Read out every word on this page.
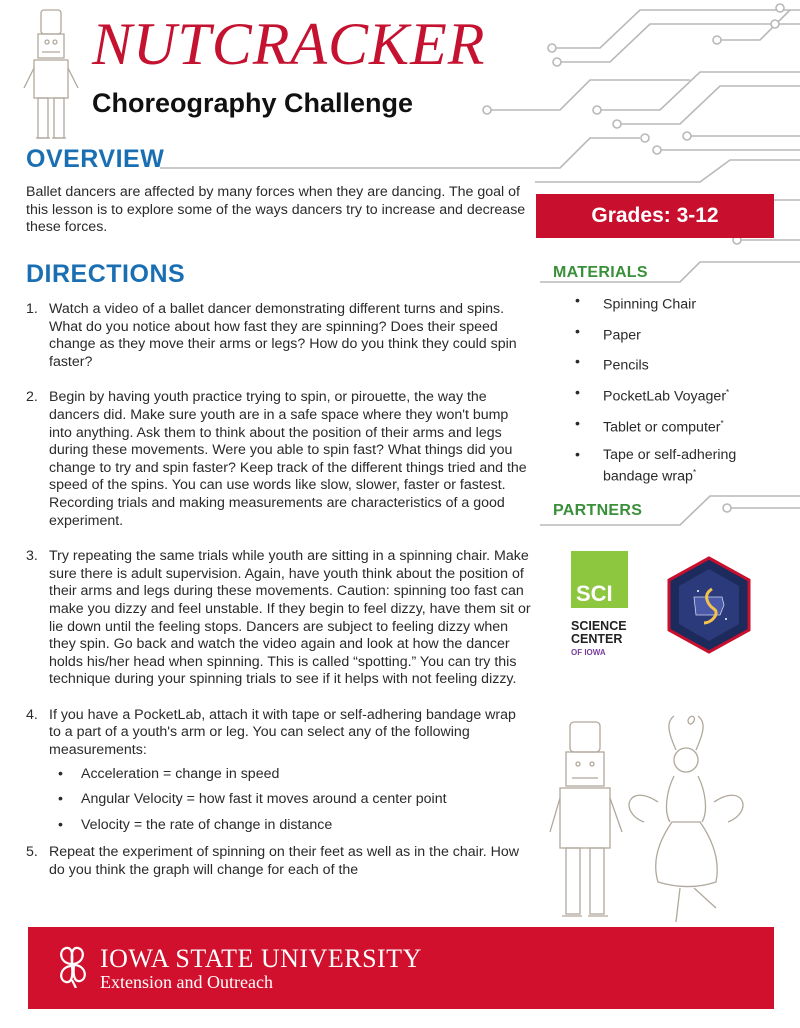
NUTCRACKER
Choreography Challenge
OVERVIEW
Ballet dancers are affected by many forces when they are dancing. The goal of this lesson is to explore some of the ways dancers try to increase and decrease these forces.
Grades: 3-12
DIRECTIONS
1. Watch a video of a ballet dancer demonstrating different turns and spins. What do you notice about how fast they are spinning? Does their speed change as they move their arms or legs? How do you think they could spin faster?
2. Begin by having youth practice trying to spin, or pirouette, the way the dancers did. Make sure youth are in a safe space where they won't bump into anything. Ask them to think about the position of their arms and legs during these movements. Were you able to spin fast? What things did you change to try and spin faster? Keep track of the different things tried and the speed of the spins. You can use words like slow, slower, faster or fastest. Recording trials and making measurements are characteristics of a good experiment.
3. Try repeating the same trials while youth are sitting in a spinning chair. Make sure there is adult supervision. Again, have youth think about the position of their arms and legs during these movements. Caution: spinning too fast can make you dizzy and feel unstable. If they begin to feel dizzy, have them sit or lie down until the feeling stops. Dancers are subject to feeling dizzy when they spin. Go back and watch the video again and look at how the dancer holds his/her head when spinning. This is called “spotting.” You can try this technique during your spinning trials to see if it helps with not feeling dizzy.
4. If you have a PocketLab, attach it with tape or self-adhering bandage wrap to a part of a youth's arm or leg. You can select any of the following measurements:
• Acceleration = change in speed
• Angular Velocity = how fast it moves around a center point
• Velocity = the rate of change in distance
5. Repeat the experiment of spinning on their feet as well as in the chair. How do you think the graph will change for each of the
MATERIALS
• Spinning Chair
• Paper
• Pencils
• PocketLab Voyager*
• Tablet or computer*
• Tape or self-adhering bandage wrap*
PARTNERS
SCI
SCIENCE
CENTER
OF IOWA
IOWA STATE UNIVERSITY
Extension and Outreach
